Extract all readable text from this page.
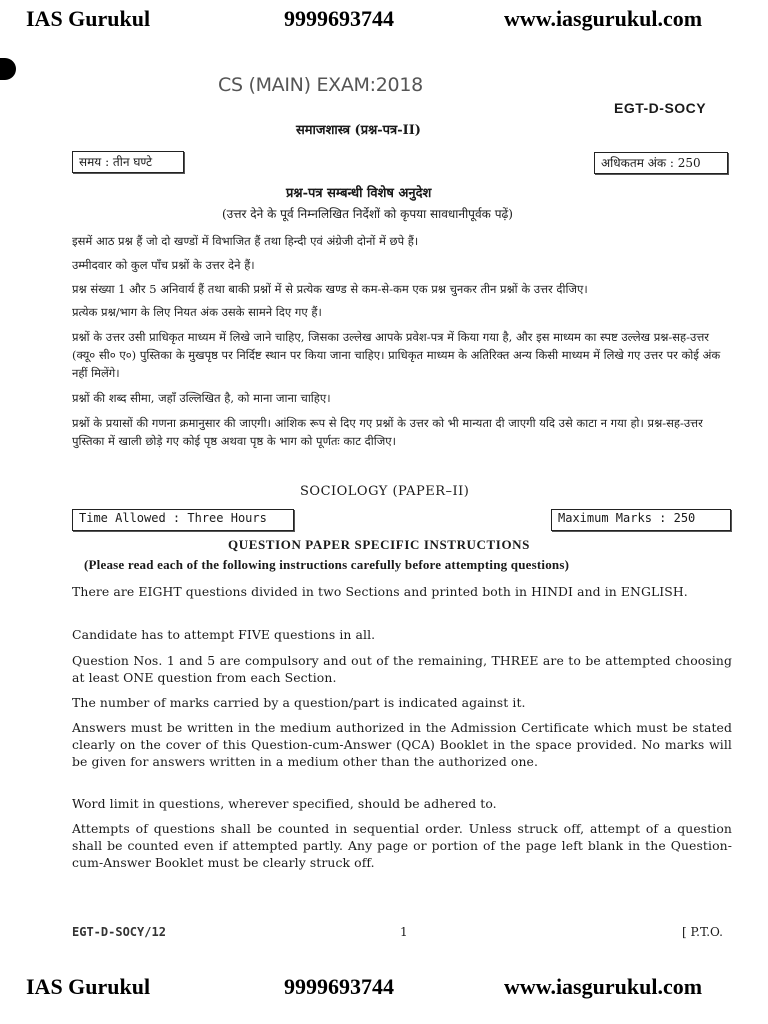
IAS Gurukul	9999693744	www.iasgurukul.com
CS (MAIN) EXAM:2018
EGT-D-SOCY
समाजशास्त्र (प्रश्न-पत्र-II)
समय : तीन घण्टे	अधिकतम अंक : 250
प्रश्न-पत्र सम्बन्धी विशेष अनुदेश
(उत्तर देने के पूर्व निम्नलिखित निर्देशों को कृपया सावधानीपूर्वक पढ़ें)
इसमें आठ प्रश्न हैं जो दो खण्डों में विभाजित हैं तथा हिन्दी एवं अंग्रेजी दोनों में छपे हैं।
उम्मीदवार को कुल पाँच प्रश्नों के उत्तर देने हैं।
प्रश्न संख्या 1 और 5 अनिवार्य हैं तथा बाकी प्रश्नों में से प्रत्येक खण्ड से कम-से-कम एक प्रश्न चुनकर तीन प्रश्नों के उत्तर दीजिए।
प्रत्येक प्रश्न/भाग के लिए नियत अंक उसके सामने दिए गए हैं।
प्रश्नों के उत्तर उसी प्राधिकृत माध्यम में लिखे जाने चाहिए, जिसका उल्लेख आपके प्रवेश-पत्र में किया गया है, और इस माध्यम का स्पष्ट उल्लेख प्रश्न-सह-उत्तर (क्यू० सी० ए०) पुस्तिका के मुखपृष्ठ पर निर्दिष्ट स्थान पर किया जाना चाहिए। प्राधिकृत माध्यम के अतिरिक्त अन्य किसी माध्यम में लिखे गए उत्तर पर कोई अंक नहीं मिलेंगे।
प्रश्नों की शब्द सीमा, जहाँ उल्लिखित है, को माना जाना चाहिए।
प्रश्नों के प्रयासों की गणना क्रमानुसार की जाएगी। आंशिक रूप से दिए गए प्रश्नों के उत्तर को भी मान्यता दी जाएगी यदि उसे काटा न गया हो। प्रश्न-सह-उत्तर पुस्तिका में खाली छोड़े गए कोई पृष्ठ अथवा पृष्ठ के भाग को पूर्णतः काट दीजिए।
SOCIOLOGY (PAPER–II)
Time Allowed : Three Hours	Maximum Marks : 250
QUESTION PAPER SPECIFIC INSTRUCTIONS
(Please read each of the following instructions carefully before attempting questions)
There are EIGHT questions divided in two Sections and printed both in HINDI and in ENGLISH.
Candidate has to attempt FIVE questions in all.
Question Nos. 1 and 5 are compulsory and out of the remaining, THREE are to be attempted choosing at least ONE question from each Section.
The number of marks carried by a question/part is indicated against it.
Answers must be written in the medium authorized in the Admission Certificate which must be stated clearly on the cover of this Question-cum-Answer (QCA) Booklet in the space provided. No marks will be given for answers written in a medium other than the authorized one.
Word limit in questions, wherever specified, should be adhered to.
Attempts of questions shall be counted in sequential order. Unless struck off, attempt of a question shall be counted even if attempted partly. Any page or portion of the page left blank in the Question-cum-Answer Booklet must be clearly struck off.
EGT-D-SOCY/12	1	[ P.T.O.
IAS Gurukul	9999693744	www.iasgurukul.com
